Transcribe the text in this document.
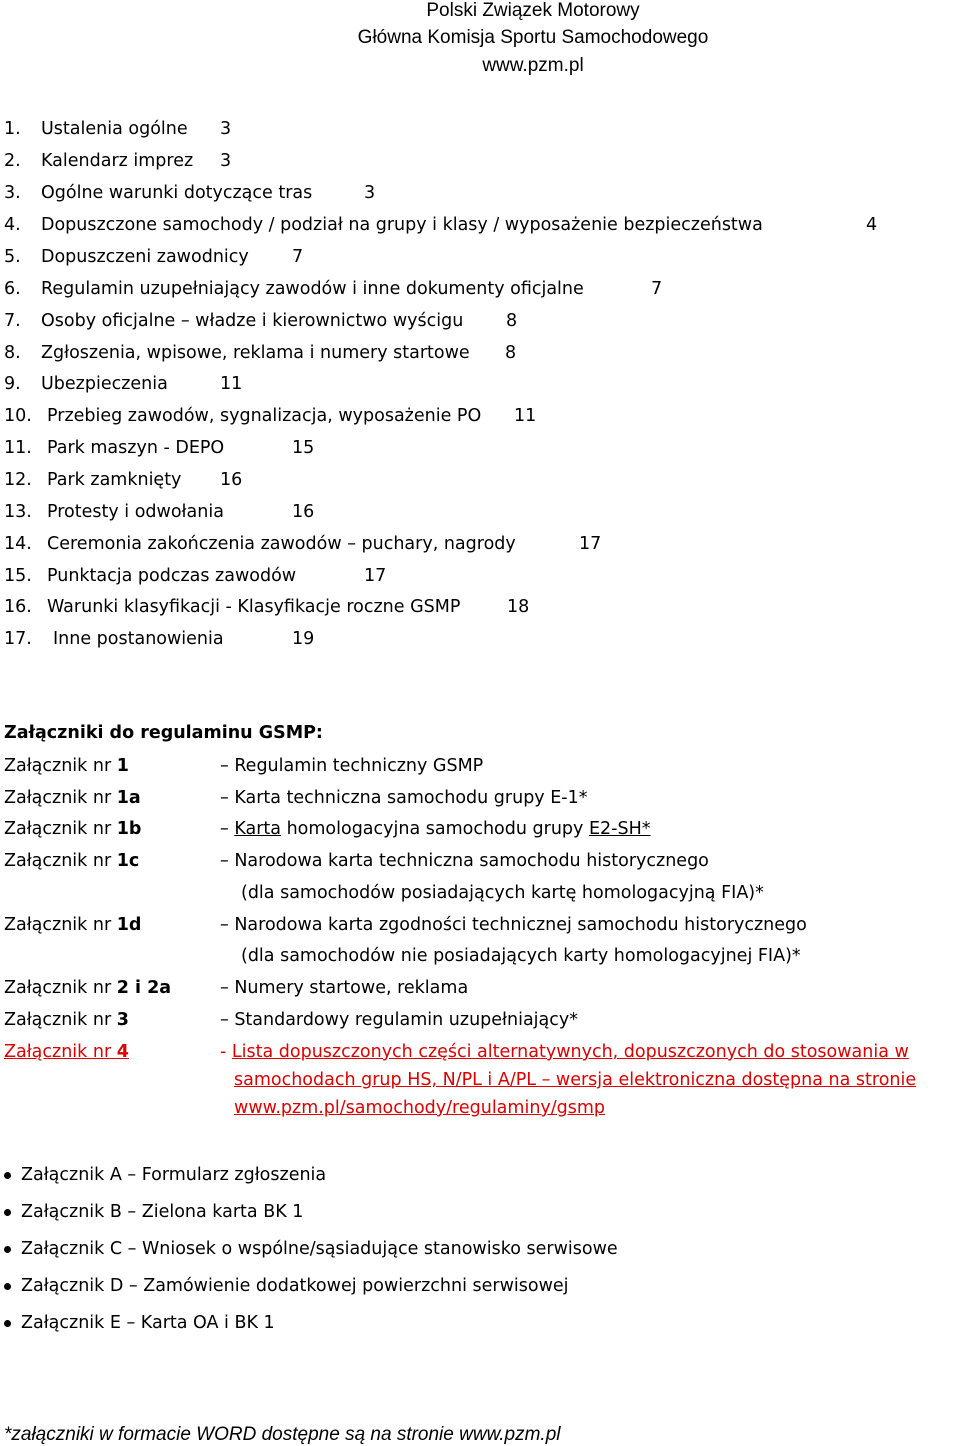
Polski Związek Motorowy
Główna Komisja Sportu Samochodowego
www.pzm.pl
1. Ustalenia ogólne 3
2. Kalendarz imprez 3
3. Ogólne warunki dotyczące tras	3
4. Dopuszczone samochody / podział na grupy i klasy / wyposażenie bezpieczeństwa	4
5. Dopuszczeni zawodnicy 7
6. Regulamin uzupełniający zawodów i inne dokumenty oficjalne	7
7. Osoby oficjalne – władze i kierownictwo wyścigu 8
8. Zgłoszenia, wpisowe, reklama i numery startowe 8
9. Ubezpieczenia	11
10. Przebieg zawodów, sygnalizacja, wyposażenie PO 11
11. Park maszyn - DEPO	15
12. Park zamknięty 16
13. Protesty i odwołania	16
14. Ceremonia zakończenia zawodów – puchary, nagrody	17
15. Punktacja podczas zawodów	17
16. Warunki klasyfikacji - Klasyfikacje roczne GSMP	18
17. Inne postanowienia	19
Załączniki do regulaminu GSMP:
Załącznik nr 1	– Regulamin techniczny GSMP
Załącznik nr 1a	– Karta techniczna samochodu grupy E-1*
Załącznik nr 1b	– Karta homologacyjna samochodu grupy E2-SH*
Załącznik nr 1c	– Narodowa karta techniczna samochodu historycznego
(dla samochodów posiadających kartę homologacyjną FIA)*
Załącznik nr 1d	– Narodowa karta zgodności technicznej samochodu historycznego
(dla samochodów nie posiadających karty homologacyjnej FIA)*
Załącznik nr 2 i 2a	– Numery startowe, reklama
Załącznik nr 3	– Standardowy regulamin uzupełniający*
Załącznik nr 4	- Lista dopuszczonych części alternatywnych, dopuszczonych do stosowania w
samochodach grup HS, N/PL i A/PL – wersja elektroniczna dostępna na stronie
www.pzm.pl/samochody/regulaminy/gsmp
Załącznik A – Formularz zgłoszenia
Załącznik B – Zielona karta BK 1
Załącznik C – Wniosek o wspólne/sąsiadujące stanowisko serwisowe
Załącznik D – Zamówienie dodatkowej powierzchni serwisowej
Załącznik E – Karta OA i BK 1
*załączniki w formacie WORD dostępne są na stronie www.pzm.pl
